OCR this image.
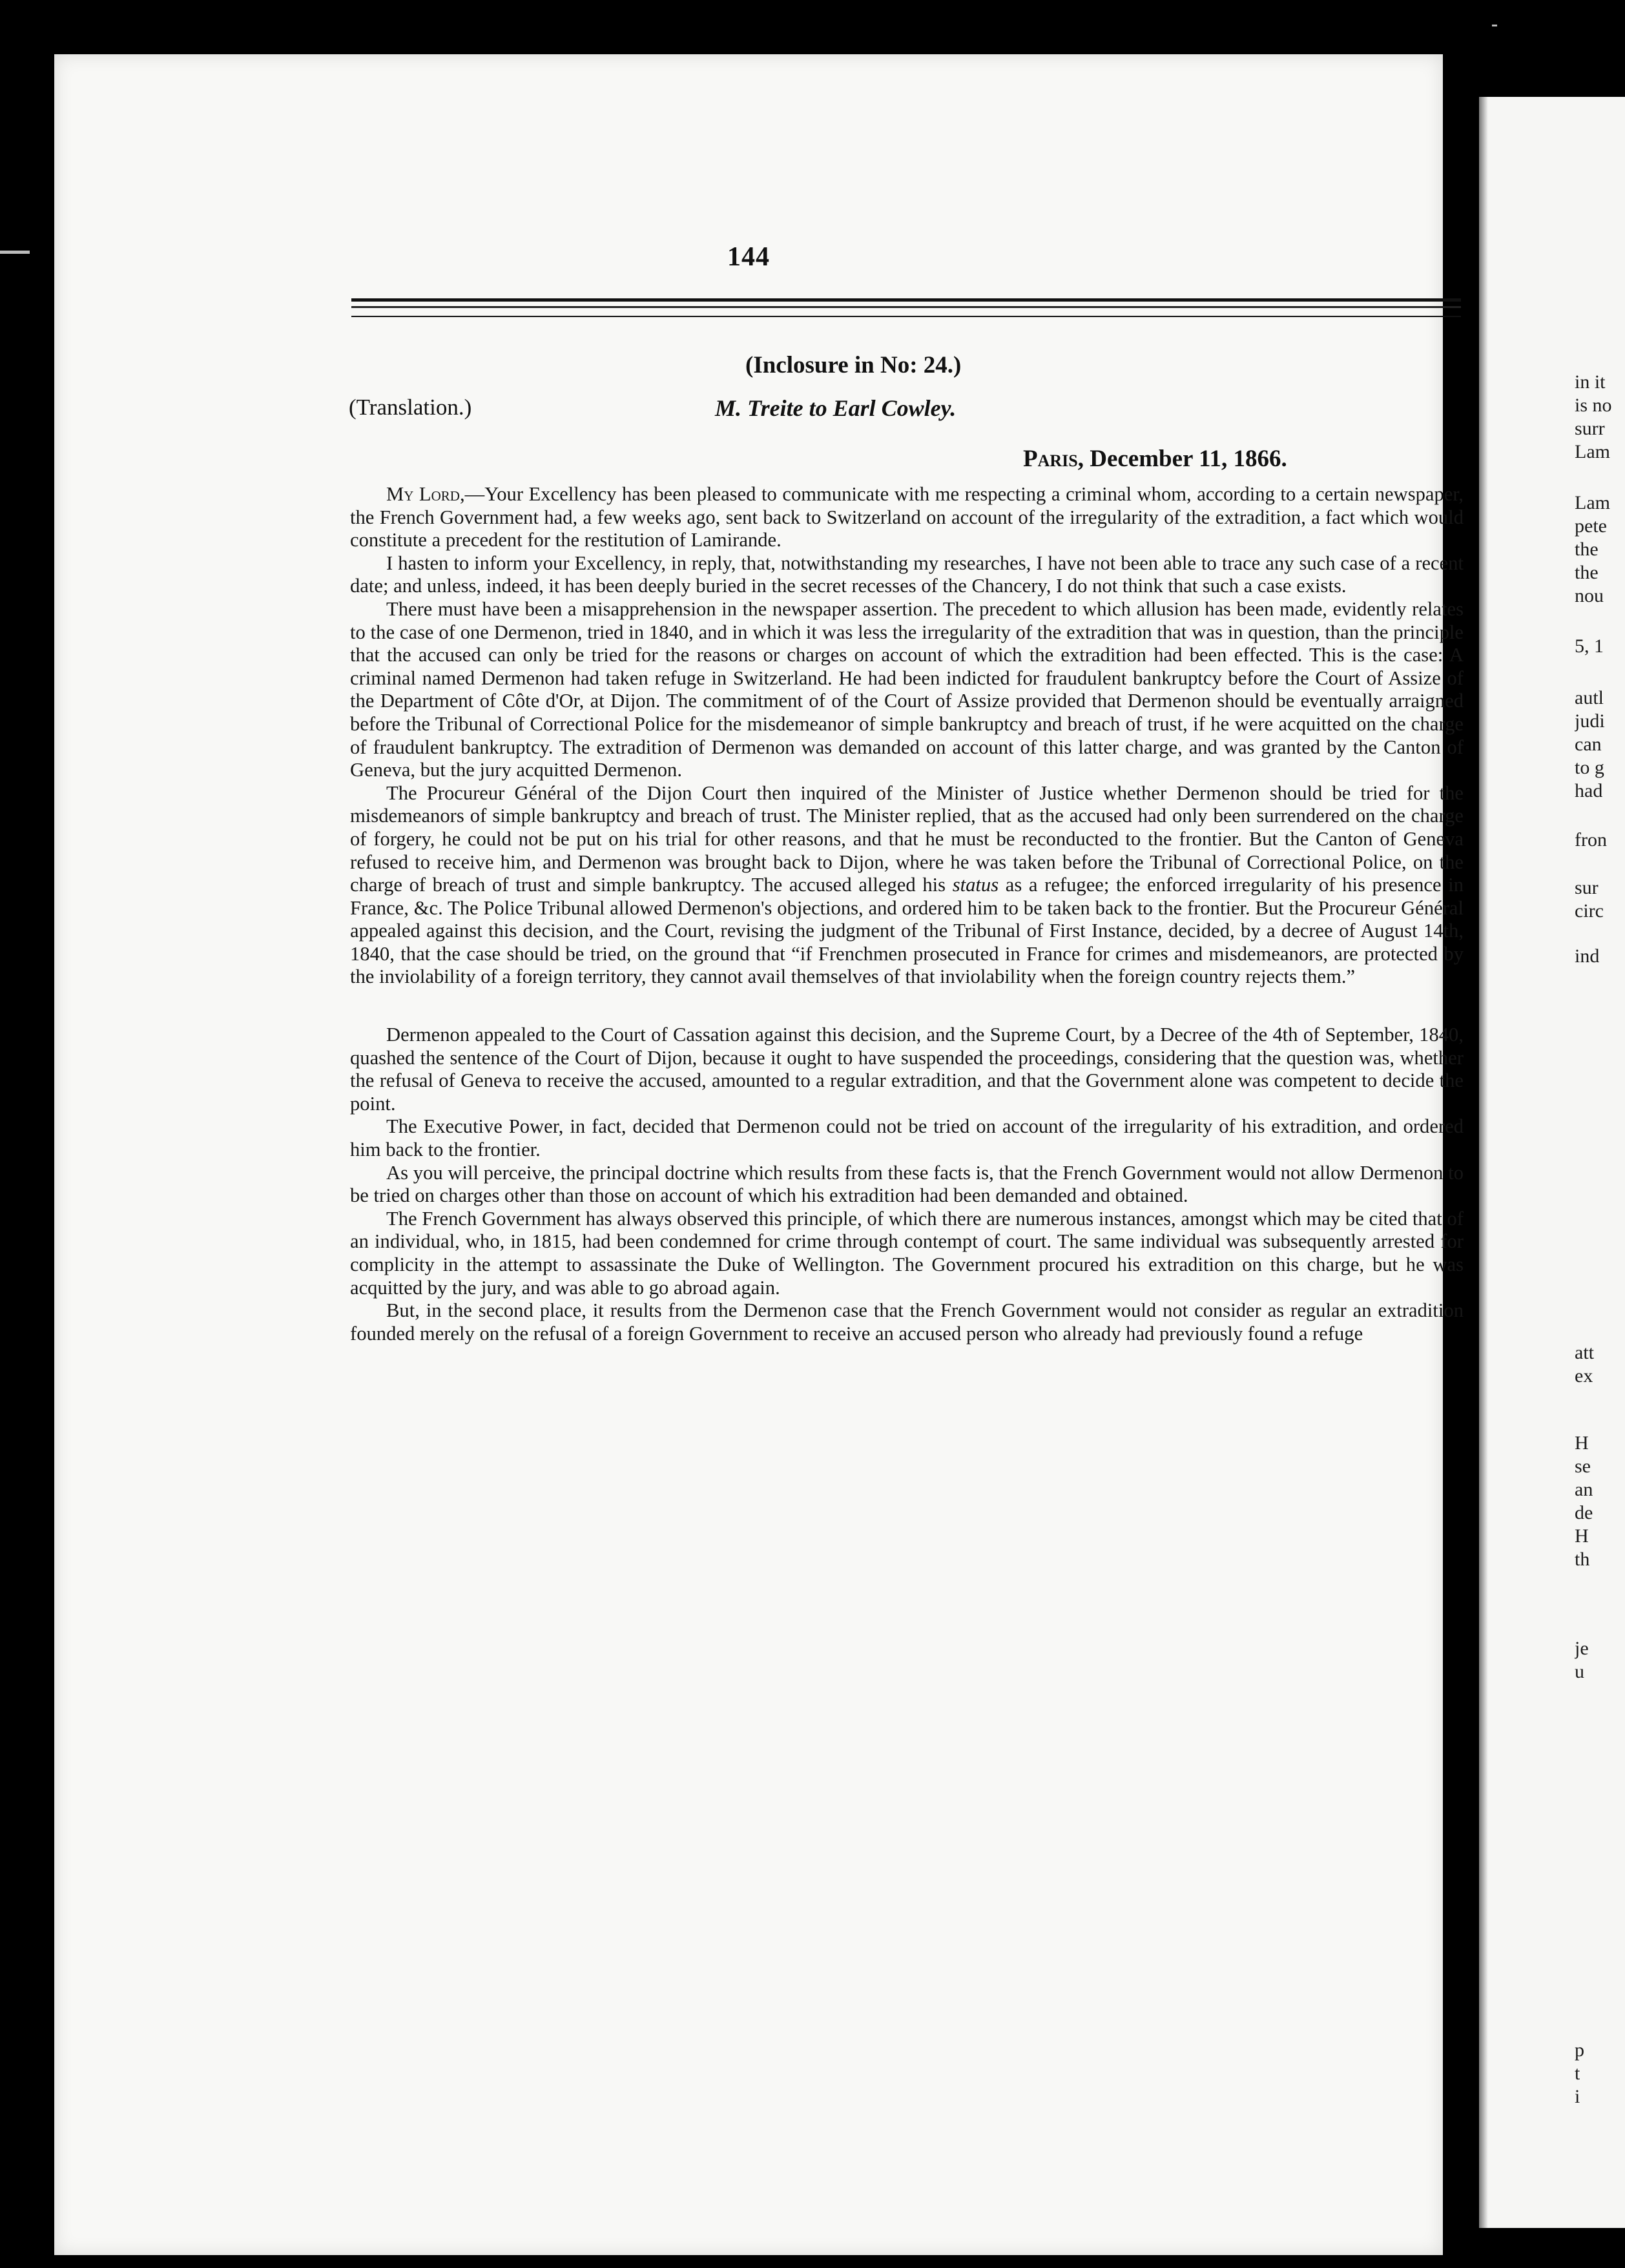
144
(Inclosure in No: 24.)
(Translation.)	M. Treite to Earl Cowley.
Paris, December 11, 1866.

My Lord,—Your Excellency has been pleased to communicate with me respecting a criminal whom, according to a certain newspaper, the French Government had, a few weeks ago, sent back to Switzerland on account of the irregularity of the extradition, a fact which would constitute a precedent for the restitution of Lamirande.

I hasten to inform your Excellency, in reply, that, notwithstanding my researches, I have not been able to trace any such case of a recent date; and unless, indeed, it has been deeply buried in the secret recesses of the Chancery, I do not think that such a case exists.

There must have been a misapprehension in the newspaper assertion. The precedent to which allusion has been made, evidently relates to the case of one Dermenon, tried in 1840, and in which it was less the irregularity of the extradition that was in question, than the principle that the accused can only be tried for the reasons or charges on account of which the extradition had been effected. This is the case: A criminal named Dermenon had taken refuge in Switzerland. He had been indicted for fraudulent bankruptcy before the Court of Assize of the Department of Côte d'Or, at Dijon. The commitment of of the Court of Assize provided that Dermenon should be eventually arraigned before the Tribunal of Correctional Police for the misdemeanor of simple bankruptcy and breach of trust, if he were acquitted on the charge of fraudulent bankruptcy. The extradition of Dermenon was demanded on account of this latter charge, and was granted by the Canton of Geneva, but the jury acquitted Dermenon.

The Procureur Général of the Dijon Court then inquired of the Minister of Justice whether Dermenon should be tried for the misdemeanors of simple bankruptcy and breach of trust. The Minister replied, that as the accused had only been surrendered on the charge of forgery, he could not be put on his trial for other reasons, and that he must be reconducted to the frontier. But the Canton of Geneva refused to receive him, and Dermenon was brought back to Dijon, where he was taken before the Tribunal of Correctional Police, on the charge of breach of trust and simple bankruptcy. The accused alleged his status as a refugee; the enforced irregularity of his presence in France, &c. The Police Tribunal allowed Dermenon's objections, and ordered him to be taken back to the frontier. But the Procureur Général appealed against this decision, and the Court, revising the judgment of the Tribunal of First Instance, decided, by a decree of August 14th, 1840, that the case should be tried, on the ground that “if Frenchmen prosecuted in France for crimes and misdemeanors, are protected by the inviolability of a foreign territory, they cannot avail themselves of that inviolability when the foreign country rejects them.”

Dermenon appealed to the Court of Cassation against this decision, and the Supreme Court, by a Decree of the 4th of September, 1840, quashed the sentence of the Court of Dijon, because it ought to have suspended the proceedings, considering that the question was, whether the refusal of Geneva to receive the accused, amounted to a regular extradition, and that the Government alone was competent to decide the point.

The Executive Power, in fact, decided that Dermenon could not be tried on account of the irregularity of his extradition, and ordered him back to the frontier.

As you will perceive, the principal doctrine which results from these facts is, that the French Government would not allow Dermenon to be tried on charges other than those on account of which his extradition had been demanded and obtained.

The French Government has always observed this principle, of which there are numerous instances, amongst which may be cited that of an individual, who, in 1815, had been condemned for crime through contempt of court. The same individual was subsequently arrested for complicity in the attempt to assassinate the Duke of Wellington. The Government procured his extradition on this charge, but he was acquitted by the jury, and was able to go abroad again.

But, in the second place, it results from the Dermenon case that the French Government would not consider as regular an extradition founded merely on the refusal of a foreign Government to receive an accused person who already had previously found a refuge

in it
is no
surr
Lam
Lam
pete
the
the
nou
5, 1
autl
judi
can
to g
had
fron
sur
circ
ind
att
ex
H
se
an
de
H
th
je
u
p
t
i
